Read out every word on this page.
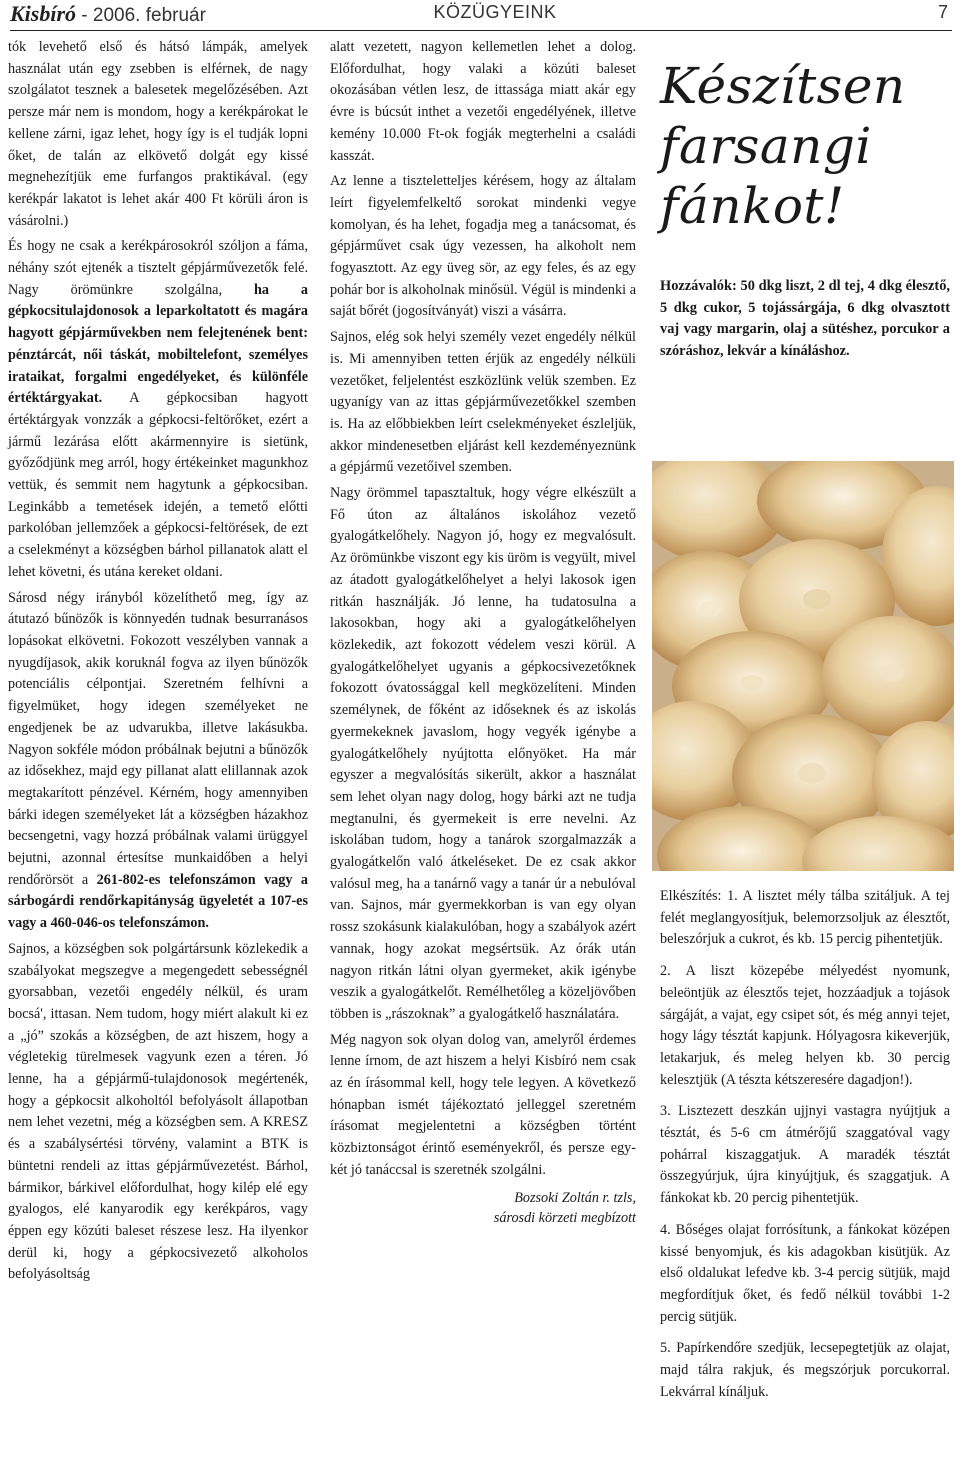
Kisbíró - 2006. február	KÖZÜGYEINK	7

tók levehető első és hátsó lámpák, amelyek használat után egy zsebben is elférnek, de nagy szolgálatot tesznek a balesetek megelőzésében. Azt persze már nem is mondom, hogy a kerékpárokat le kellene zárni, igaz lehet, hogy így is el tudják lopni őket, de talán az elkövető dolgát egy kissé megnehezítjük eme furfangos praktikával. (egy kerékpár lakatot is lehet akár 400 Ft körüli áron is vásárolni.)

És hogy ne csak a kerékpárosokról szóljon a fáma, néhány szót ejtenék a tisztelt gépjárművezetők felé. Nagy örömünkre szolgálna, ha a gépkocsitulajdonosok a leparkoltatott és magára hagyott gépjárművekben nem felejtenének bent: pénztárcát, női táskát, mobiltelefont, személyes irataikat, forgalmi engedélyeket, és különféle értéktárgyakat. A gépkocsiban hagyott értéktárgyak vonzzák a gépkocsi-feltörőket, ezért a jármű lezárása előtt akármennyire is sietünk, győződjünk meg arról, hogy értékeinket magunkhoz vettük, és semmit nem hagytunk a gépkocsiban. Leginkább a temetések idején, a temető előtti parkolóban jellemzőek a gépkocsi-feltörések, de ezt a cselekményt a községben bárhol pillanatok alatt el lehet követni, és utána kereket oldani.

Sárosd négy irányból közelíthető meg, így az átutazó bűnözők is könnyedén tudnak besurranásos lopásokat elkövetni. Fokozott veszélyben vannak a nyugdíjasok, akik koruknál fogva az ilyen bűnözők potenciális célpontjai. Szeretném felhívni a figyelmüket, hogy idegen személyeket ne engedjenek be az udvarukba, illetve lakásukba. Nagyon sokféle módon próbálnak bejutni a bűnözők az idősekhez, majd egy pillanat alatt elillannak azok megtakarított pénzével. Kérném, hogy amennyiben bárki idegen személyeket lát a községben házakhoz becsengetni, vagy hozzá próbálnak valami ürüggyel bejutni, azonnal értesítse munkaidőben a helyi rendőrörsöt a 261-802-es telefonszámon vagy a sárbogárdi rendőrkapitányság ügyeletét a 107-es vagy a 460-046-os telefonszámon.

Sajnos, a községben sok polgártársunk közlekedik a szabályokat megszegve a megengedett sebességnél gyorsabban, vezetői engedély nélkül, és uram bocsá', ittasan. Nem tudom, hogy miért alakult ki ez a „jó” szokás a községben, de azt hiszem, hogy a végletekig türelmesek vagyunk ezen a téren. Jó lenne, ha a gépjármű-tulajdonosok megértenék, hogy a gépkocsit alkoholtól befolyásolt állapotban nem lehet vezetni, még a községben sem. A KRESZ és a szabálysértési törvény, valamint a BTK is büntetni rendeli az ittas gépjárművezetést. Bárhol, bármikor, bárkivel előfordulhat, hogy kilép elé egy gyalogos, elé kanyarodik egy kerékpáros, vagy éppen egy közúti baleset részese lesz. Ha ilyenkor derül ki, hogy a gépkocsivezető alkoholos befolyásoltság

alatt vezetett, nagyon kellemetlen lehet a dolog. Előfordulhat, hogy valaki a közúti baleset okozásában vétlen lesz, de ittassága miatt akár egy évre is búcsút inthet a vezetői engedélyének, illetve kemény 10.000 Ft-ok fogják megterhelni a családi kasszát.

Az lenne a tiszteletteljes kérésem, hogy az általam leírt figyelemfelkeltő sorokat mindenki vegye komolyan, és ha lehet, fogadja meg a tanácsomat, és gépjárművet csak úgy vezessen, ha alkoholt nem fogyasztott. Az egy üveg sör, az egy feles, és az egy pohár bor is alkoholnak minősül. Végül is mindenki a saját bőrét (jogosítványát) viszi a vásárra.

Sajnos, elég sok helyi személy vezet engedély nélkül is. Mi amennyiben tetten érjük az engedély nélküli vezetőket, feljelentést eszközlünk velük szemben. Ez ugyanígy van az ittas gépjárművezetőkkel szemben is. Ha az előbbiekben leírt cselekményeket észleljük, akkor mindenesetben eljárást kell kezdeményeznünk a gépjármű vezetőivel szemben.

Nagy örömmel tapasztaltuk, hogy végre elkészült a Fő úton az általános iskolához vezető gyalogátkelőhely. Nagyon jó, hogy ez megvalósult. Az örömünkbe viszont egy kis üröm is vegyült, mivel az átadott gyalogátkelőhelyet a helyi lakosok igen ritkán használják. Jó lenne, ha tudatosulna a lakosokban, hogy aki a gyalogátkelőhelyen közlekedik, azt fokozott védelem veszi körül. A gyalogátkelőhelyet ugyanis a gépkocsivezetőknek fokozott óvatossággal kell megközelíteni. Minden személynek, de főként az időseknek és az iskolás gyermekeknek javaslom, hogy vegyék igénybe a gyalogátkelőhely nyújtotta előnyöket. Ha már egyszer a megvalósítás sikerült, akkor a használat sem lehet olyan nagy dolog, hogy bárki azt ne tudja megtanulni, és gyermekeit is erre nevelni. Az iskolában tudom, hogy a tanárok szorgalmazzák a gyalogátkelőn való átkeléseket. De ez csak akkor valósul meg, ha a tanárnő vagy a tanár úr a nebulóval van. Sajnos, már gyermekkorban is van egy olyan rossz szokásunk kialakulóban, hogy a szabályok azért vannak, hogy azokat megsértsük. Az órák után nagyon ritkán látni olyan gyermeket, akik igénybe veszik a gyalogátkelőt. Remélhetőleg a közeljövőben többen is „rászoknak” a gyalogátkelő használatára.

Még nagyon sok olyan dolog van, amelyről érdemes lenne írnom, de azt hiszem a helyi Kisbíró nem csak az én írásommal kell, hogy tele legyen. A következő hónapban ismét tájékoztató jelleggel szeretném írásomat megjelentetni a községben történt közbiztonságot érintő eseményekről, és persze egy-két jó tanáccsal is szeretnék szolgálni.

Bozsoki Zoltán r. tzls,
sárosdi körzeti megbízott
Készítsen
farsangi
fánkot!
Hozzávalók: 50 dkg liszt, 2 dl tej, 4 dkg élesztő, 5 dkg cukor, 5 tojássárgája, 6 dkg olvasztott vaj vagy margarin, olaj a sütéshez, porcukor a szóráshoz, lekvár a kínáláshoz.

Elkészítés: 1. A lisztet mély tálba szitáljuk. A tej felét meglangyosítjuk, belemorzsoljuk az élesztőt, beleszórjuk a cukrot, és kb. 15 percig pihentetjük.

2. A liszt közepébe mélyedést nyomunk, beleöntjük az élesztős tejet, hozzáadjuk a tojások sárgáját, a vajat, egy csipet sót, és még annyi tejet, hogy lágy tésztát kapjunk. Hólyagosra kikeverjük, letakarjuk, és meleg helyen kb. 30 percig kelesztjük (A tészta kétszeresére dagadjon!).

3. Lisztezett deszkán ujjnyi vastagra nyújtjuk a tésztát, és 5-6 cm átmérőjű szaggatóval vagy pohárral kiszaggatjuk. A maradék tésztát összegyúrjuk, újra kinyújtjuk, és szaggatjuk. A fánkokat kb. 20 percig pihentetjük.

4. Bőséges olajat forrósítunk, a fánkokat középen kissé benyomjuk, és kis adagokban kisütjük. Az első oldalukat lefedve kb. 3-4 percig sütjük, majd megfordítjuk őket, és fedő nélkül további 1-2 percig sütjük.

5. Papírkendőre szedjük, lecsepegtetjük az olajat, majd tálra rakjuk, és megszórjuk porcukorral. Lekvárral kínáljuk.
